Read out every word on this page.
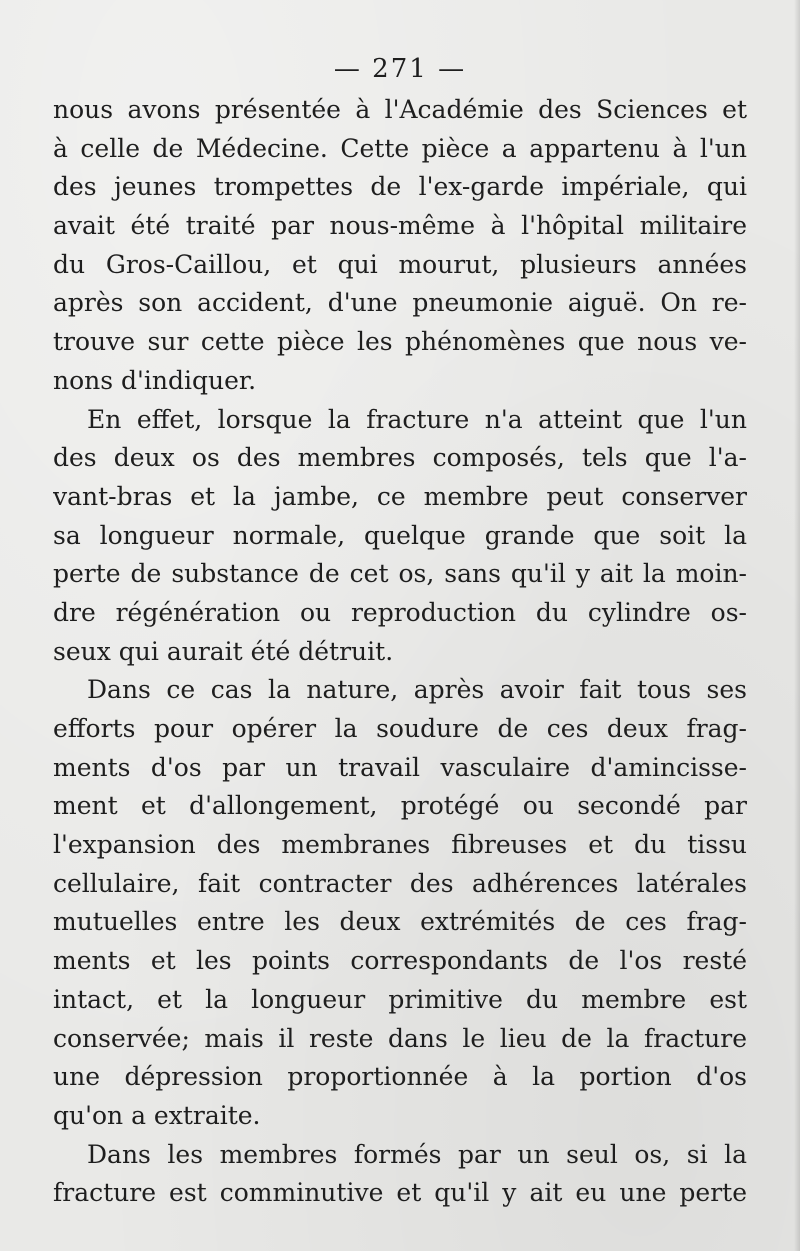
— 271 —
nous avons présentée à l'Académie des Sciences et
à celle de Médecine. Cette pièce a appartenu à l'un
des jeunes trompettes de l'ex-garde impériale, qui
avait été traité par nous-même à l'hôpital militaire
du Gros-Caillou, et qui mourut, plusieurs années
après son accident, d'une pneumonie aiguë. On re-
trouve sur cette pièce les phénomènes que nous ve-
nons d'indiquer.
En effet, lorsque la fracture n'a atteint que l'un
des deux os des membres composés, tels que l'a-
vant-bras et la jambe, ce membre peut conserver
sa longueur normale, quelque grande que soit la
perte de substance de cet os, sans qu'il y ait la moin-
dre régénération ou reproduction du cylindre os-
seux qui aurait été détruit.
Dans ce cas la nature, après avoir fait tous ses
efforts pour opérer la soudure de ces deux frag-
ments d'os par un travail vasculaire d'amincisse-
ment et d'allongement, protégé ou secondé par
l'expansion des membranes fibreuses et du tissu
cellulaire, fait contracter des adhérences latérales
mutuelles entre les deux extrémités de ces frag-
ments et les points correspondants de l'os resté
intact, et la longueur primitive du membre est
conservée; mais il reste dans le lieu de la fracture
une dépression proportionnée à la portion d'os
qu'on a extraite.
Dans les membres formés par un seul os, si la
fracture est comminutive et qu'il y ait eu une perte
